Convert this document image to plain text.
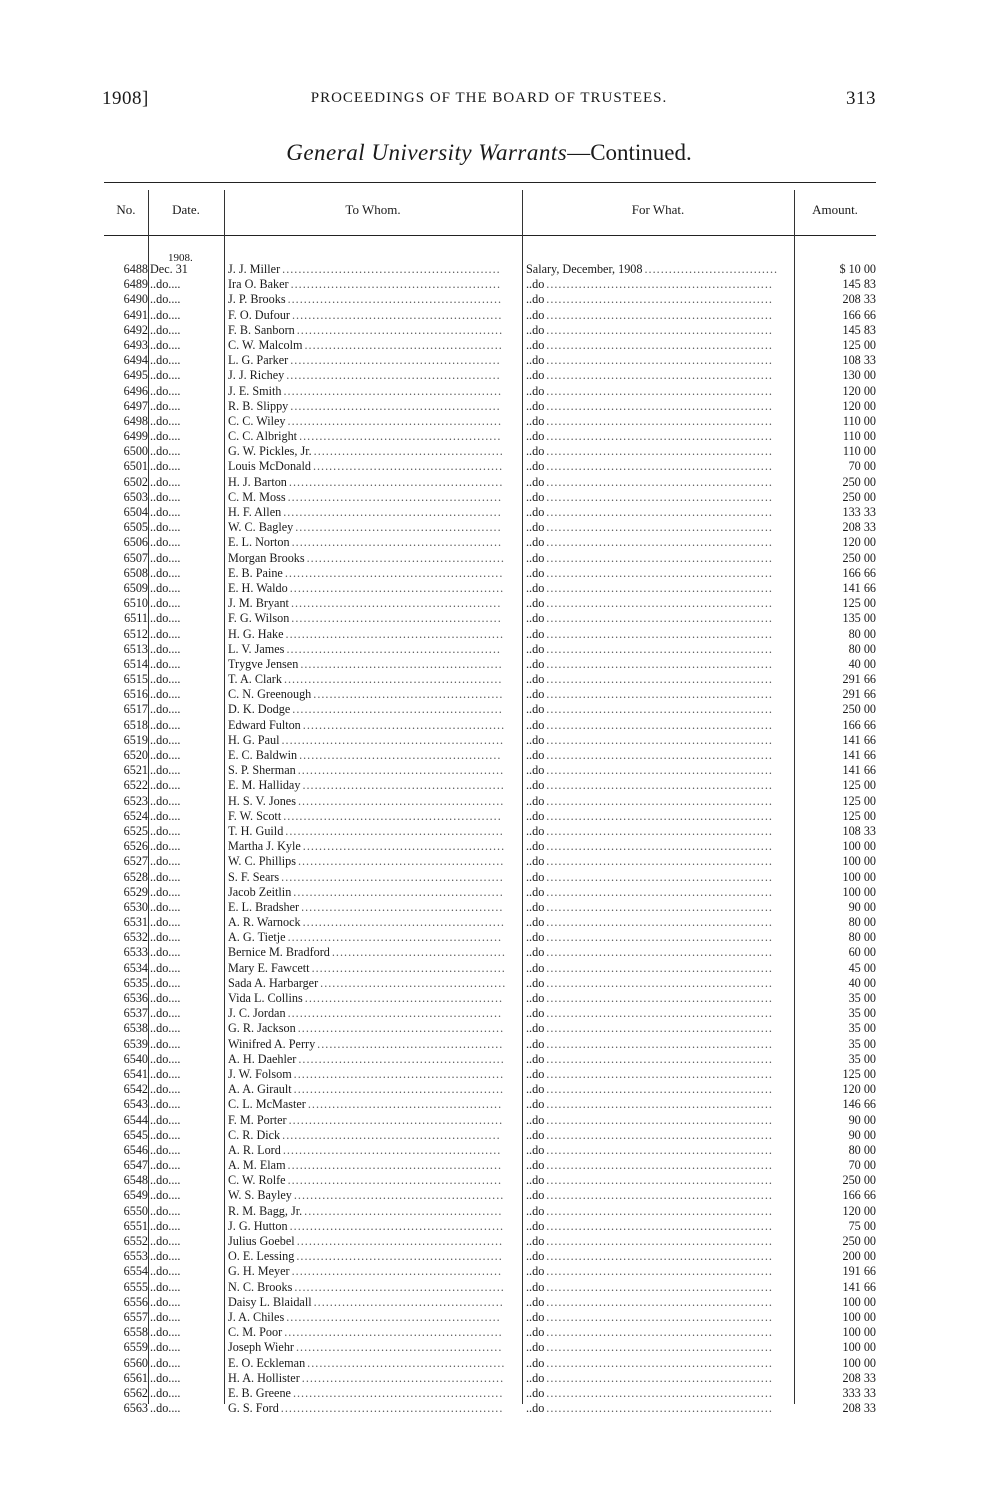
1908]	PROCEEDINGS OF THE BOARD OF TRUSTEES.	313
General University Warrants—Continued.
No.	Date.	To Whom.	For What.	Amount.
1908.
6488 Dec. 31	J. J. Miller ......................................................	Salary, December, 1908 .................................	$ 10 00
6489 ..do....	Ira O. Baker ....................................................	..do ........................................................	145 83
6490 ..do....	J. P. Brooks .....................................................	..do ........................................................	208 33
6491 ..do....	F. O. Dufour ....................................................	..do ........................................................	166 66
6492 ..do....	F. B. Sanborn ...................................................	..do ........................................................	145 83
6493 ..do....	C. W. Malcolm .................................................	..do ........................................................	125 00
6494 ..do....	L. G. Parker ....................................................	..do ........................................................	108 33
6495 ..do....	J. J. Richey .....................................................	..do ........................................................	130 00
6496 ..do....	J. E. Smith ......................................................	..do ........................................................	120 00
6497 ..do....	R. B. Slippy ....................................................	..do ........................................................	120 00
6498 ..do....	C. C. Wiley .....................................................	..do ........................................................	110 00
6499 ..do....	C. C. Albright ..................................................	..do ........................................................	110 00
6500 ..do....	G. W. Pickles, Jr. ...............................................	..do ........................................................	110 00
6501 ..do....	Louis McDonald ...............................................	..do ........................................................	70 00
6502 ..do....	H. J. Barton .....................................................	..do ........................................................	250 00
6503 ..do....	C. M. Moss .....................................................	..do ........................................................	250 00
6504 ..do....	H. F. Allen ......................................................	..do ........................................................	133 33
6505 ..do....	W. C. Bagley ...................................................	..do ........................................................	208 33
6506 ..do....	E. L. Norton ....................................................	..do ........................................................	120 00
6507 ..do....	Morgan Brooks .................................................	..do ........................................................	250 00
6508 ..do....	E. B. Paine ......................................................	..do ........................................................	166 66
6509 ..do....	E. H. Waldo .....................................................	..do ........................................................	141 66
6510 ..do....	J. M. Bryant ....................................................	..do ........................................................	125 00
6511 ..do....	F. G. Wilson ....................................................	..do ........................................................	135 00
6512 ..do....	H. G. Hake ......................................................	..do ........................................................	80 00
6513 ..do....	L. V. James .....................................................	..do ........................................................	80 00
6514 ..do....	Trygve Jensen ..................................................	..do ........................................................	40 00
6515 ..do....	T. A. Clark ......................................................	..do ........................................................	291 66
6516 ..do....	C. N. Greenough ...............................................	..do ........................................................	291 66
6517 ..do....	D. K. Dodge ....................................................	..do ........................................................	250 00
6518 ..do....	Edward Fulton ..................................................	..do ........................................................	166 66
6519 ..do....	H. G. Paul .......................................................	..do ........................................................	141 66
6520 ..do....	E. C. Baldwin ..................................................	..do ........................................................	141 66
6521 ..do....	S. P. Sherman ...................................................	..do ........................................................	141 66
6522 ..do....	E. M. Halliday ..................................................	..do ........................................................	125 00
6523 ..do....	H. S. V. Jones ...................................................	..do ........................................................	125 00
6524 ..do....	F. W. Scott ......................................................	..do ........................................................	125 00
6525 ..do....	T. H. Guild ......................................................	..do ........................................................	108 33
6526 ..do....	Martha J. Kyle ..................................................	..do ........................................................	100 00
6527 ..do....	W. C. Phillips ...................................................	..do ........................................................	100 00
6528 ..do....	S. F. Sears .......................................................	..do ........................................................	100 00
6529 ..do....	Jacob Zeitlin ....................................................	..do ........................................................	100 00
6530 ..do....	E. L. Bradsher ..................................................	..do ........................................................	90 00
6531 ..do....	A. R. Warnock ..................................................	..do ........................................................	80 00
6532 ..do....	A. G. Tietje .....................................................	..do ........................................................	80 00
6533 ..do....	Bernice M. Bradford ...........................................	..do ........................................................	60 00
6534 ..do....	Mary E. Fawcett ................................................	..do ........................................................	45 00
6535 ..do....	Sada A. Harbarger ..............................................	..do ........................................................	40 00
6536 ..do....	Vida L. Collins .................................................	..do ........................................................	35 00
6537 ..do....	J. C. Jordan .....................................................	..do ........................................................	35 00
6538 ..do....	G. R. Jackson ...................................................	..do ........................................................	35 00
6539 ..do....	Winifred A. Perry ..............................................	..do ........................................................	35 00
6540 ..do....	A. H. Daehler ...................................................	..do ........................................................	35 00
6541 ..do....	J. W. Folsom ....................................................	..do ........................................................	125 00
6542 ..do....	A. A. Girault ....................................................	..do ........................................................	120 00
6543 ..do....	C. L. McMaster ................................................	..do ........................................................	146 66
6544 ..do....	F. M. Porter .....................................................	..do ........................................................	90 00
6545 ..do....	C. R. Dick ......................................................	..do ........................................................	90 00
6546 ..do....	A. R. Lord ......................................................	..do ........................................................	80 00
6547 ..do....	A. M. Elam .....................................................	..do ........................................................	70 00
6548 ..do....	C. W. Rolfe .....................................................	..do ........................................................	250 00
6549 ..do....	W. S. Bayley ....................................................	..do ........................................................	166 66
6550 ..do....	R. M. Bagg, Jr. .................................................	..do ........................................................	120 00
6551 ..do....	J. G. Hutton .....................................................	..do ........................................................	75 00
6552 ..do....	Julius Goebel ...................................................	..do ........................................................	250 00
6553 ..do....	O. E. Lessing ...................................................	..do ........................................................	200 00
6554 ..do....	G. H. Meyer ....................................................	..do ........................................................	191 66
6555 ..do....	N. C. Brooks ....................................................	..do ........................................................	141 66
6556 ..do....	Daisy L. Blaidall ...............................................	..do ........................................................	100 00
6557 ..do....	J. A. Chiles .....................................................	..do ........................................................	100 00
6558 ..do....	C. M. Poor ......................................................	..do ........................................................	100 00
6559 ..do....	Joseph Wiehr ...................................................	..do ........................................................	100 00
6560 ..do....	E. O. Eckleman .................................................	..do ........................................................	100 00
6561 ..do....	H. A. Hollister ..................................................	..do ........................................................	208 33
6562 ..do....	E. B. Greene ....................................................	..do ........................................................	333 33
6563 ..do....	G. S. Ford .......................................................	..do ........................................................	208 33
